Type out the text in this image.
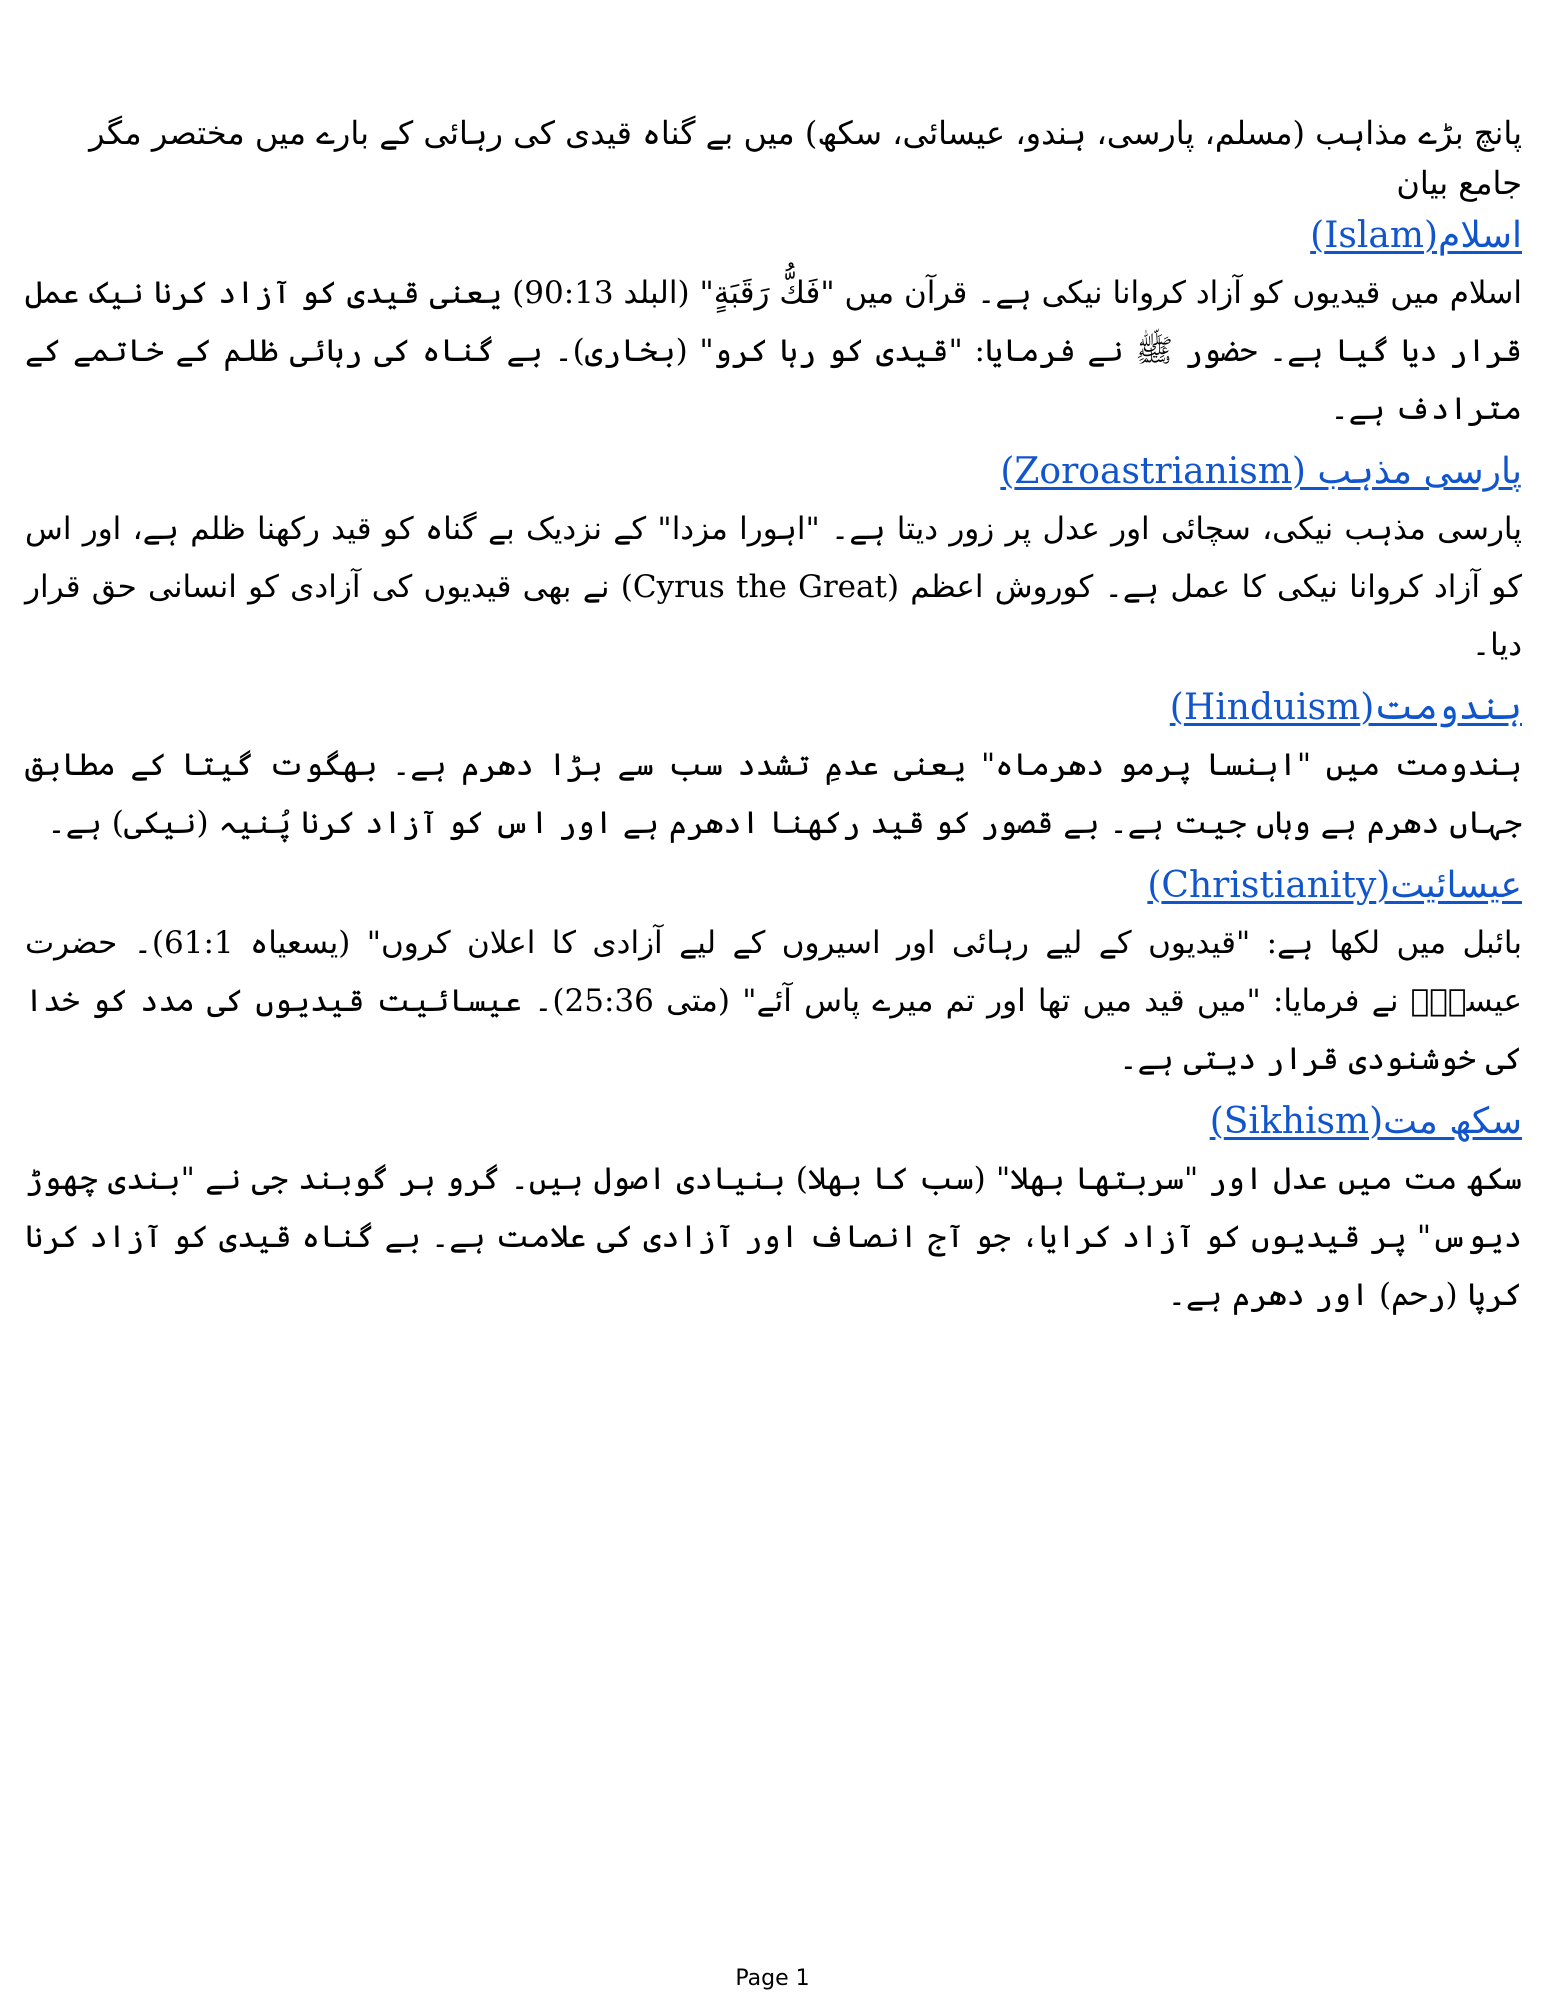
پانچ بڑے مذاہب (مسلم، پارسی، ہندو، عیسائی، سکھ) میں بے گناہ قیدی کی رہائی کے بارے میں مختصر مگر جامع بیان

اسلام(Islam)

اسلام میں قیدیوں کو آزاد کروانا نیکی ہے۔ قرآن میں "فَكُّ رَقَبَةٍ" (البلد 90:13) یعنی قیدی کو آزاد کرنا نیک عمل قرار دیا گیا ہے۔ حضور ﷺ نے فرمایا: "قیدی کو رہا کرو" (بخاری)۔ بے گناہ کی رہائی ظلم کے خاتمے کے مترادف ہے۔

پارسی مذہب (Zoroastrianism)

پارسی مذہب نیکی، سچائی اور عدل پر زور دیتا ہے۔ "اہورا مزدا" کے نزدیک بے گناہ کو قید رکھنا ظلم ہے، اور اس کو آزاد کروانا نیکی کا عمل ہے۔ کوروش اعظم (Cyrus the Great) نے بھی قیدیوں کی آزادی کو انسانی حق قرار دیا۔

ہندومت(Hinduism)

ہندومت میں "اہنسا پرمو دھرماہ" یعنی عدمِ تشدد سب سے بڑا دھرم ہے۔ بھگوت گیتا کے مطابق جہاں دھرم ہے وہاں جیت ہے۔ بے قصور کو قید رکھنا ادھرم ہے اور اس کو آزاد کرنا پُنیہ (نیکی) ہے۔

عیسائیت(Christianity)

بائبل میں لکھا ہے: "قیدیوں کے لیے رہائی اور اسیروں کے لیے آزادی کا اعلان کروں" (یسعیاہ 61:1)۔ حضرت عیسیٰؑ نے فرمایا: "میں قید میں تھا اور تم میرے پاس آئے" (متی 25:36)۔ عیسائیت قیدیوں کی مدد کو خدا کی خوشنودی قرار دیتی ہے۔

سکھ مت(Sikhism)

سکھ مت میں عدل اور "سربتھا بھلا" (سب کا بھلا) بنیادی اصول ہیں۔ گرو ہر گوبند جی نے "بندی چھوڑ دیوس" پر قیدیوں کو آزاد کرایا، جو آج انصاف اور آزادی کی علامت ہے۔ بے گناہ قیدی کو آزاد کرنا کرپا (رحم) اور دھرم ہے۔

Page 1
